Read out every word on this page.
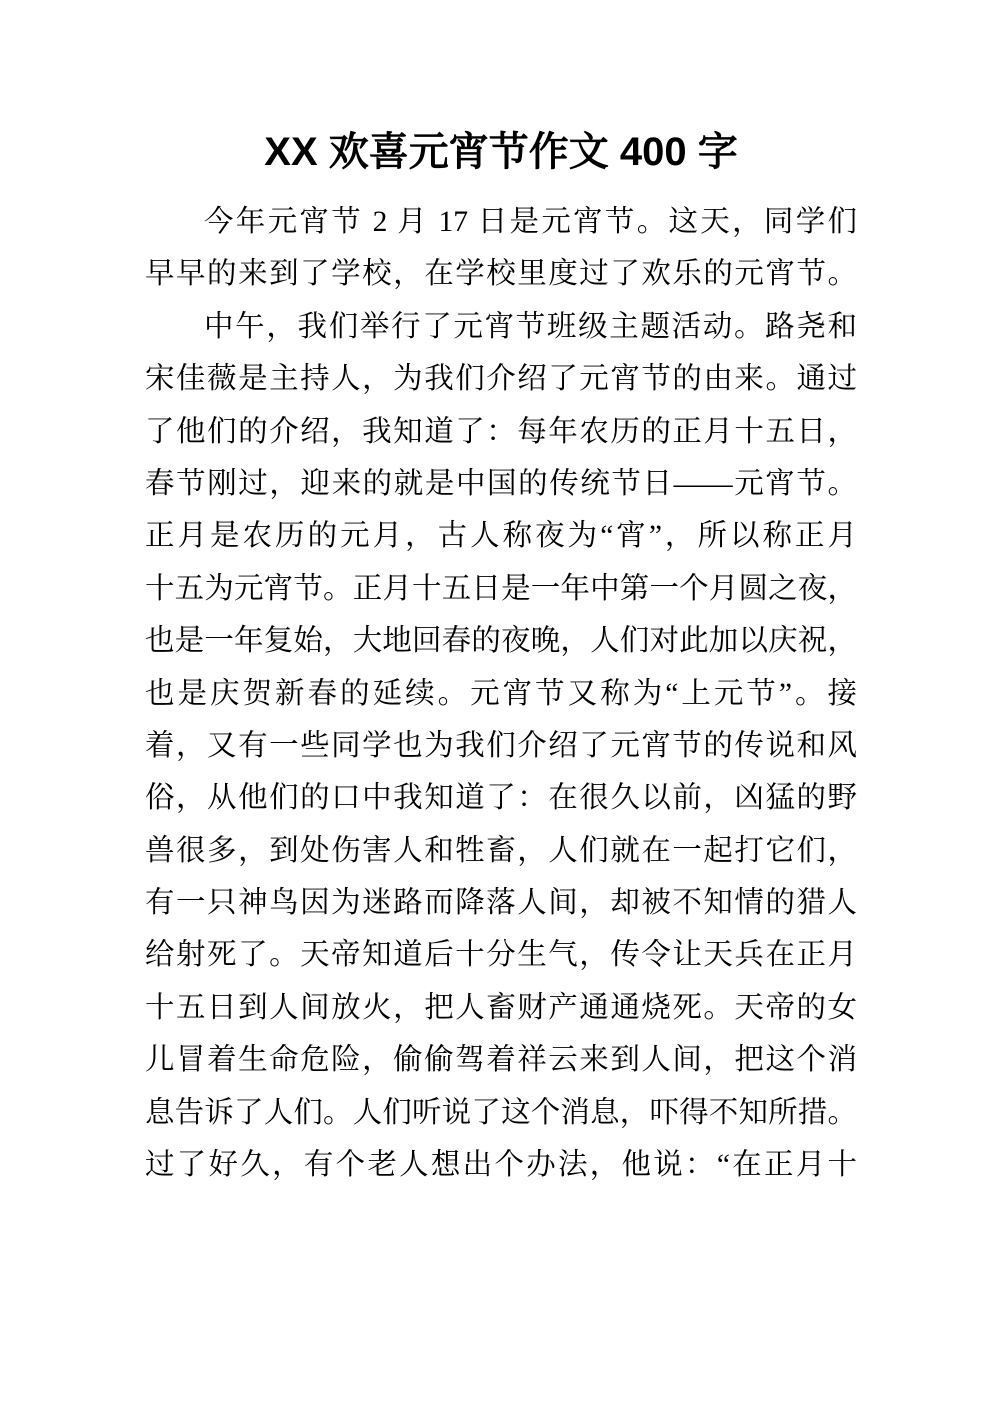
XX 欢喜元宵节作文 400 字
今年元宵节 2 月 17 日是元宵节。这天，同学们
早早的来到了学校，在学校里度过了欢乐的元宵节。
中午，我们举行了元宵节班级主题活动。路尧和
宋佳薇是主持人，为我们介绍了元宵节的由来。通过
了他们的介绍，我知道了：每年农历的正月十五日，
春节刚过，迎来的就是中国的传统节日——元宵节。
正月是农历的元月，古人称夜为“宵”，所以称正月
十五为元宵节。正月十五日是一年中第一个月圆之夜，
也是一年复始，大地回春的夜晚，人们对此加以庆祝，
也是庆贺新春的延续。元宵节又称为“上元节”。接
着，又有一些同学也为我们介绍了元宵节的传说和风
俗，从他们的口中我知道了：在很久以前，凶猛的野
兽很多，到处伤害人和牲畜，人们就在一起打它们，
有一只神鸟因为迷路而降落人间，却被不知情的猎人
给射死了。天帝知道后十分生气，传令让天兵在正月
十五日到人间放火，把人畜财产通通烧死。天帝的女
儿冒着生命危险，偷偷驾着祥云来到人间，把这个消
息告诉了人们。人们听说了这个消息，吓得不知所措。
过了好久，有个老人想出个办法，他说：“在正月十
